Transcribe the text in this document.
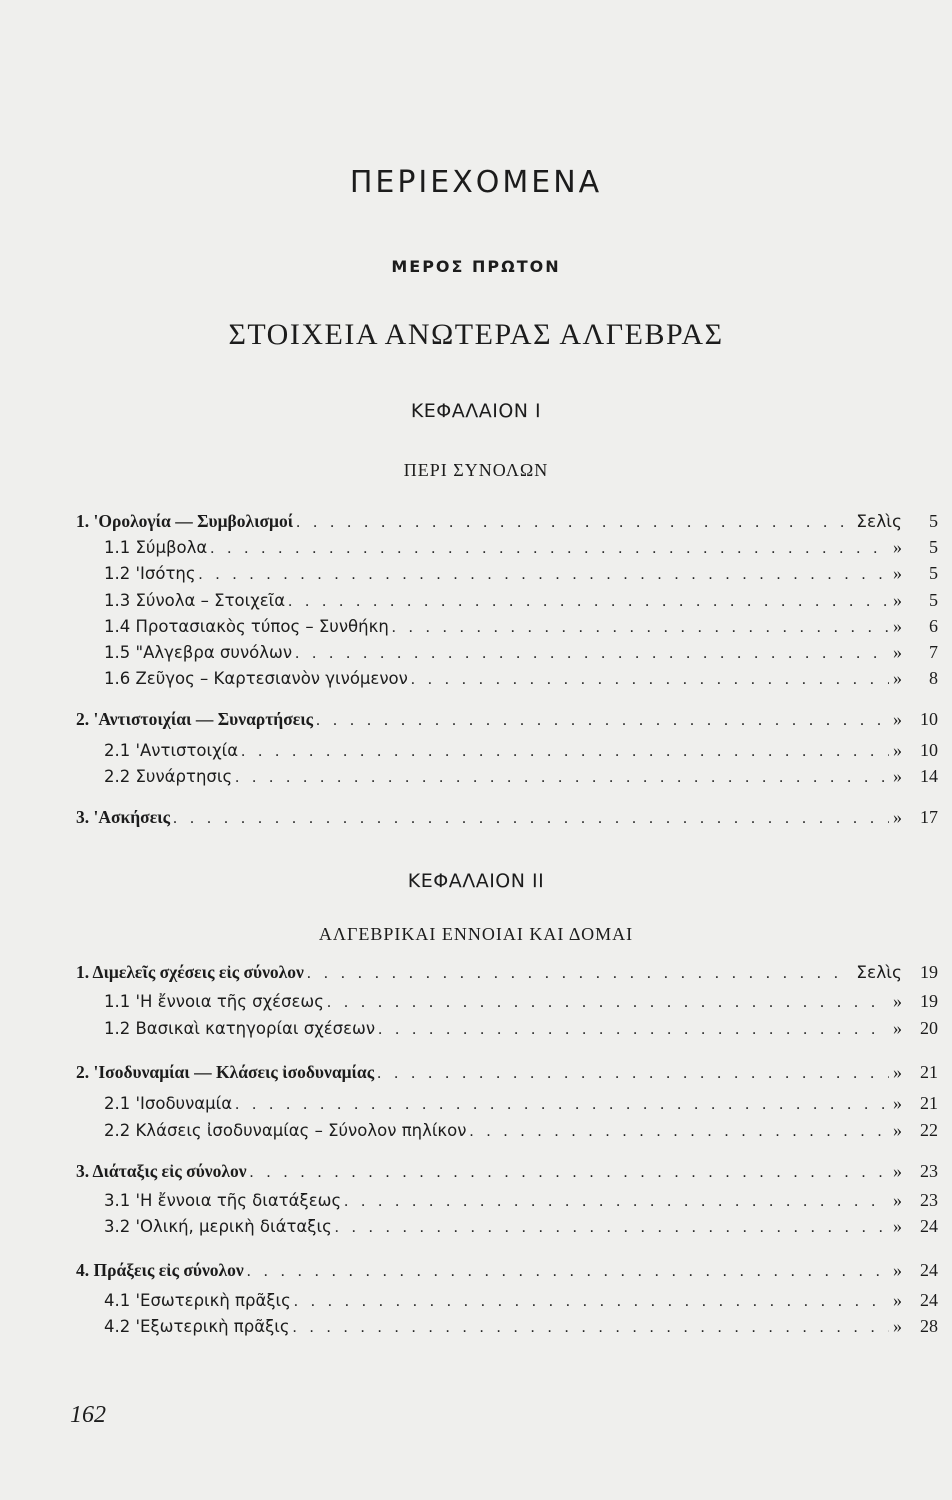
ΠΕΡΙΕΧΟΜΕΝΑ
ΜΕΡΟΣ ΠΡΩΤΟΝ
ΣΤΟΙΧΕΙΑ ΑΝΩΤΕΡΑΣ ΑΛΓΕΒΡΑΣ
ΚΕΦΑΛΑΙΟΝ Ι
ΠΕΡΙ ΣΥΝΟΛΩΝ
1. 'Ορολογία — Συμβολισμοί . . .	Σελὶς	5
1.1 Σύμβολα . . .	»	5
1.2 'Ισότης . . .	»	5
1.3 Σύνολα – Στοιχεῖα . . .	»	5
1.4 Προτασιακὸς τύπος – Συνθήκη . . .	»	6
1.5 "Αλγεβρα συνόλων . . .	»	7
1.6 Ζεῦγος – Καρτεσιανὸν γινόμενον . . .	»	8
2. 'Αντιστοιχίαι — Συναρτήσεις . . .	»	10
2.1 'Αντιστοιχία . . .	»	10
2.2 Συνάρτησις . . .	»	14
3. 'Ασκήσεις . . .	»	17
ΚΕΦΑΛΑΙΟΝ ΙΙ
ΑΛΓΕΒΡΙΚΑΙ ΕΝΝΟΙΑΙ ΚΑΙ ΔΟΜΑΙ
1. Διμελεῖς σχέσεις εἰς σύνολον . . .	Σελὶς	19
1.1 'Η ἔννοια τῆς σχέσεως . . .	»	19
1.2 Βασικαὶ κατηγορίαι σχέσεων . . .	»	20
2. 'Ισοδυναμίαι — Κλάσεις ἰσοδυναμίας . . .	»	21
2.1 'Ισοδυναμία . . .	»	21
2.2 Κλάσεις ἰσοδυναμίας – Σύνολον πηλίκον . . .	»	22
3. Διάταξις εἰς σύνολον . . .	»	23
3.1 'Η ἔννοια τῆς διατάξεως . . .	»	23
3.2 'Ολική, μερικὴ διάταξις . . .	»	24
4. Πράξεις εἰς σύνολον . . .	»	24
4.1 'Εσωτερικὴ πρᾶξις . . .	»	24
4.2 'Εξωτερικὴ πρᾶξις . . .	»	28
162
